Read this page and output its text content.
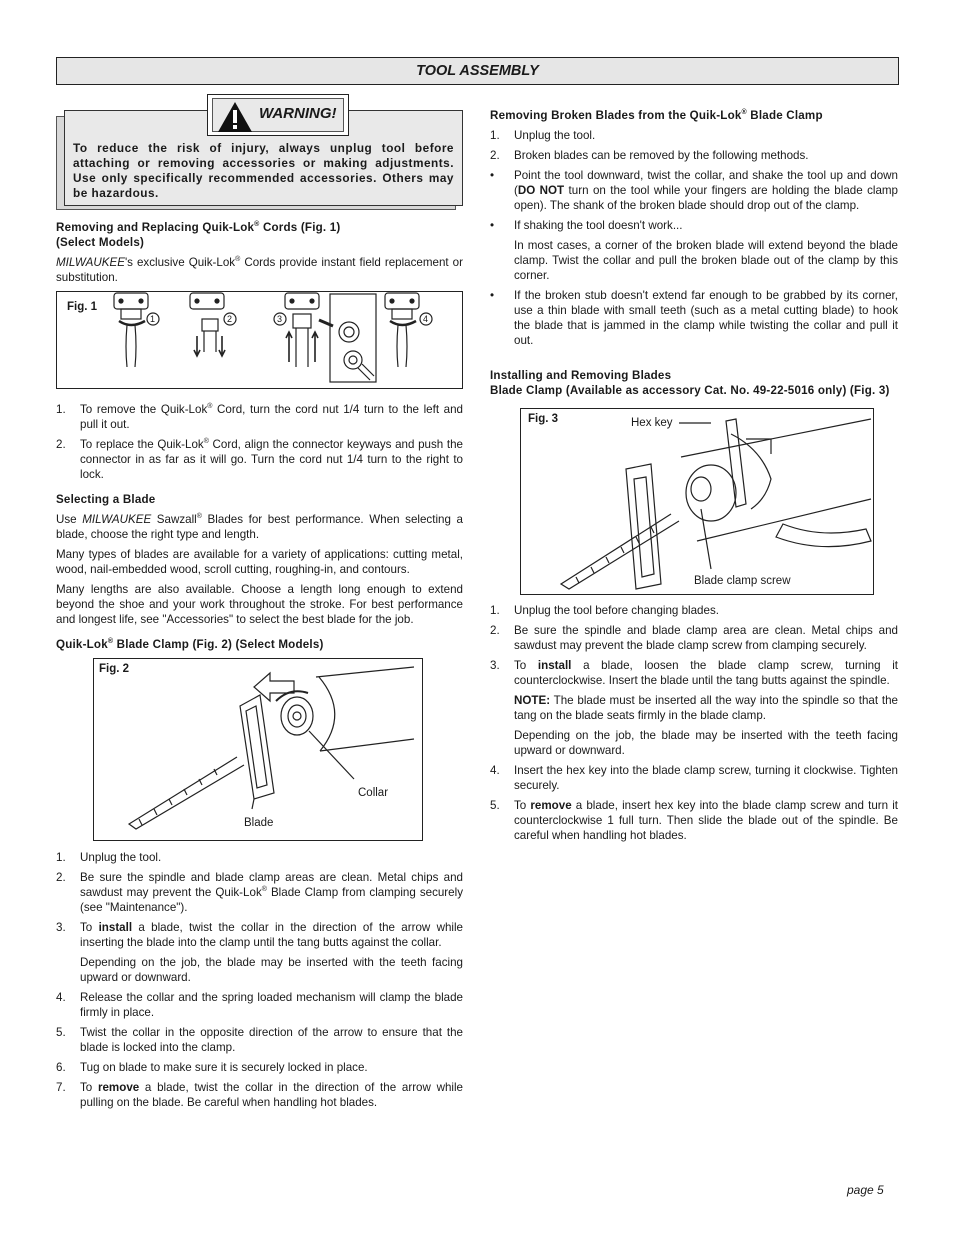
TOOL ASSEMBLY
WARNING!
To reduce the risk of injury, always unplug tool before attaching or removing accessories or making adjustments. Use only specifically recommended accessories. Others may be hazardous.
Removing and Replacing Quik-Lok® Cords (Fig. 1)
(Select Models)

MILWAUKEE's exclusive Quik-Lok® Cords provide instant field replacement or substitution.

Fig. 1
1	2	3	4
1. To remove the Quik-Lok® Cord, turn the cord nut 1/4 turn to the left and pull it out.
2. To replace the Quik-Lok® Cord, align the connector keyways and push the connector in as far as it will go. Turn the cord nut 1/4 turn to the right to lock.
Selecting a Blade

Use MILWAUKEE Sawzall® Blades for best performance. When selecting a blade, choose the right type and length.

Many types of blades are available for a variety of applications: cutting metal, wood, nail-embedded wood, scroll cutting, roughing-in, and contours.

Many lengths are also available. Choose a length long enough to extend beyond the shoe and your work throughout the stroke. For best performance and longest life, see "Accessories" to select the best blade for the job.

Quik-Lok® Blade Clamp (Fig. 2) (Select Models)
Fig. 2
Collar
Blade
1. Unplug the tool.
2. Be sure the spindle and blade clamp areas are clean. Metal chips and sawdust may prevent the Quik-Lok® Blade Clamp from clamping securely (see "Maintenance").
3. To install a blade, twist the collar in the direction of the arrow while inserting the blade into the clamp until the tang butts against the collar.
Depending on the job, the blade may be inserted with the teeth facing upward or downward.
4. Release the collar and the spring loaded mechanism will clamp the blade firmly in place.
5. Twist the collar in the opposite direction of the arrow to ensure that the blade is locked into the clamp.
6. Tug on blade to make sure it is securely locked in place.
7. To remove a blade, twist the collar in the direction of the arrow while pulling on the blade. Be careful when handling hot blades.
Removing Broken Blades from the Quik-Lok® Blade Clamp
1. Unplug the tool.
2. Broken blades can be removed by the following methods.
• Point the tool downward, twist the collar, and shake the tool up and down (DO NOT turn on the tool while your fingers are holding the blade clamp open). The shank of the broken blade should drop out of the clamp.
• If shaking the tool doesn't work...
In most cases, a corner of the broken blade will extend beyond the blade clamp. Twist the collar and pull the broken blade out of the clamp by this corner.
• If the broken stub doesn't extend far enough to be grabbed by its corner, use a thin blade with small teeth (such as a metal cutting blade) to hook the blade that is jammed in the clamp while twisting the collar and pull it out.
Installing and Removing Blades
Blade Clamp (Available as accessory Cat. No. 49-22-5016 only) (Fig. 3)
Fig. 3	Hex key
Blade clamp screw
1. Unplug the tool before changing blades.
2. Be sure the spindle and blade clamp area are clean. Metal chips and sawdust may prevent the blade clamp screw from clamping securely.
3. To install a blade, loosen the blade clamp screw, turning it counterclockwise. Insert the blade until the tang butts against the spindle.
NOTE: The blade must be inserted all the way into the spindle so that the tang on the blade seats firmly in the blade clamp.
Depending on the job, the blade may be inserted with the teeth facing upward or downward.
4. Insert the hex key into the blade clamp screw, turning it clockwise. Tighten securely.
5. To remove a blade, insert hex key into the blade clamp screw and turn it counterclockwise 1 full turn. Then slide the blade out of the spindle. Be careful when handling hot blades.
page 5
